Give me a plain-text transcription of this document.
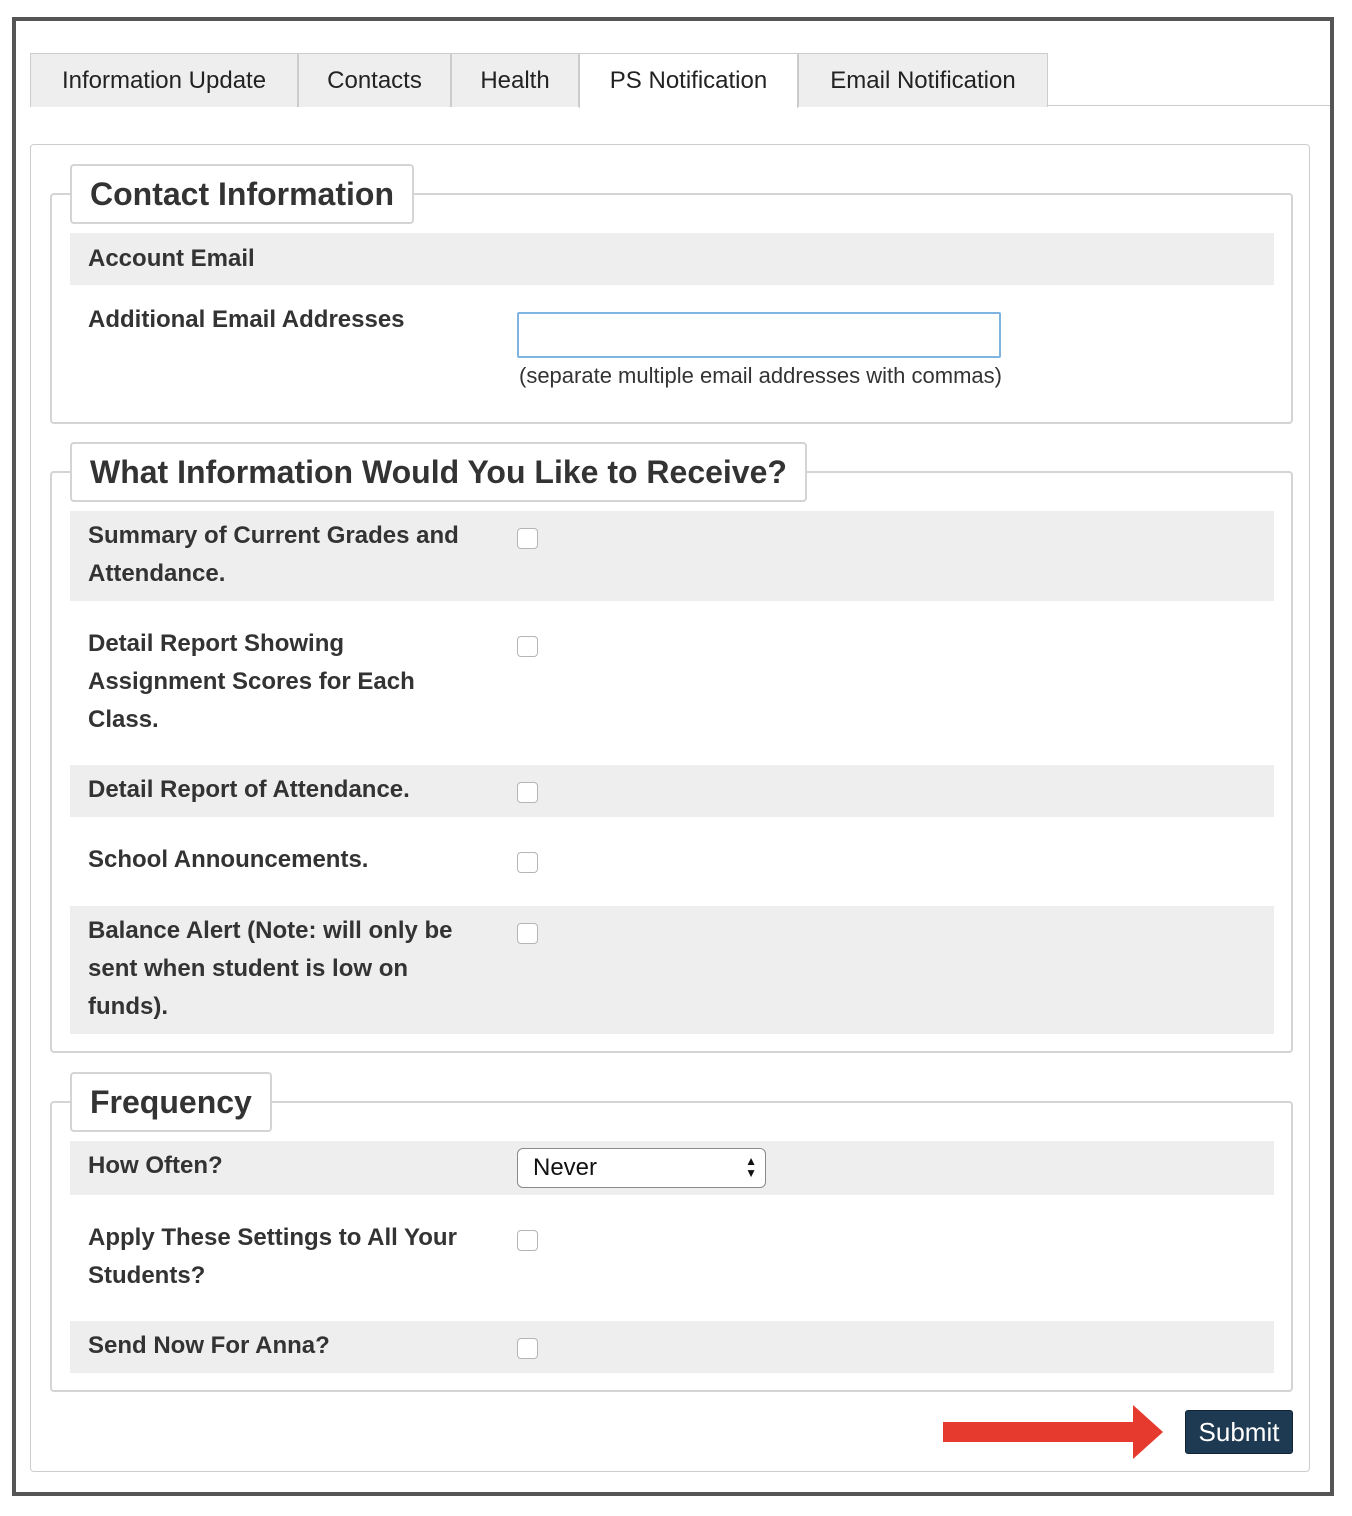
Information Update	Contacts	Health	PS Notification	Email Notification
Contact Information
Account Email
Additional Email Addresses
(separate multiple email addresses with commas)
What Information Would You Like to Receive?
Summary of Current Grades and Attendance.
Detail Report Showing Assignment Scores for Each Class.
Detail Report of Attendance.
School Announcements.
Balance Alert (Note: will only be sent when student is low on funds).
Frequency
How Often?	Never	▲
▼
Apply These Settings to All Your Students?
Send Now For Anna?
Submit
